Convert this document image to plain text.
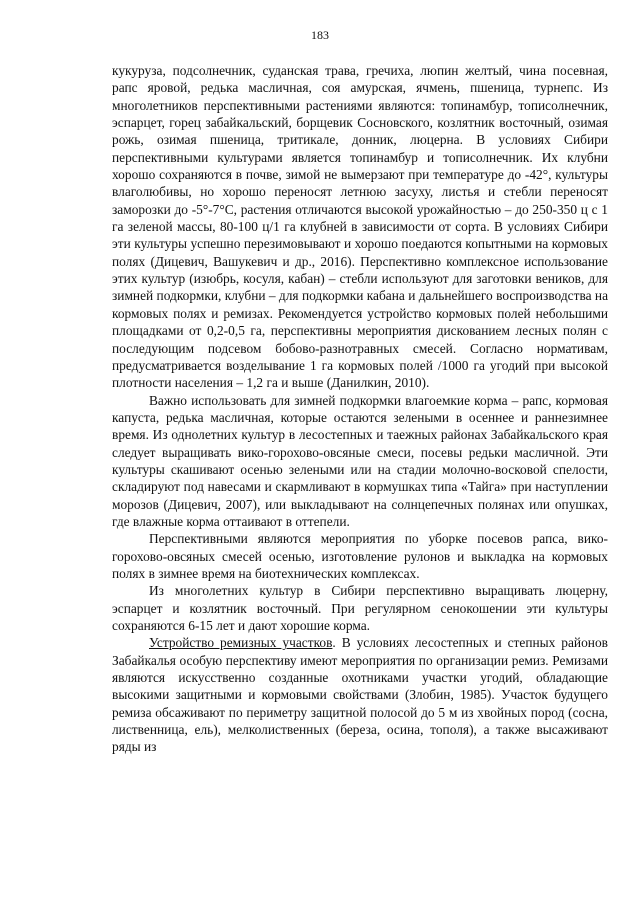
183

кукуруза, подсолнечник, суданская трава, гречиха, люпин желтый, чина посевная, рапс яровой, редька масличная, соя амурская, ячмень, пшеница, турнепс. Из многолетников перспективными растениями являются: топинамбур, тописолнечник, эспарцет, горец забайкальский, борщевик Сосновского, козлятник восточный, озимая рожь, озимая пшеница, тритикале, донник, люцерна. В условиях Сибири перспективными культурами является топинамбур и тописолнечник. Их клубни хорошо сохраняются в почве, зимой не вымерзают при температуре до -42°, культуры влаголюбивы, но хорошо переносят летнюю засуху, листья и стебли переносят заморозки до -5°-7°С, растения отличаются высокой урожайностью – до 250-350 ц с 1 га зеленой массы, 80-100 ц/1 га клубней в зависимости от сорта. В условиях Сибири эти культуры успешно перезимовывают и хорошо поедаются копытными на кормовых полях (Дицевич, Вашукевич и др., 2016). Перспективно комплексное использование этих культур (изюбрь, косуля, кабан) – стебли используют для заготовки веников, для зимней подкормки, клубни – для подкормки кабана и дальнейшего воспроизводства на кормовых полях и ремизах. Рекомендуется устройство кормовых полей небольшими площадками от 0,2-0,5 га, перспективны мероприятия дискованием лесных полян с последующим подсевом бобово-разнотравных смесей. Согласно нормативам, предусматривается возделывание 1 га кормовых полей /1000 га угодий при высокой плотности населения – 1,2 га и выше (Данилкин, 2010).

Важно использовать для зимней подкормки влагоемкие корма – рапс, кормовая капуста, редька масличная, которые остаются зелеными в осеннее и раннезимнее время. Из однолетних культур в лесостепных и таежных районах Забайкальского края следует выращивать вико-горохово-овсяные смеси, посевы редьки масличной. Эти культуры скашивают осенью зелеными или на стадии молочно-восковой спелости, складируют под навесами и скармливают в кормушках типа «Тайга» при наступлении морозов (Дицевич, 2007), или выкладывают на солнцепечных полянах или опушках, где влажные корма оттаивают в оттепели.

Перспективными являются мероприятия по уборке посевов рапса, вико-горохово-овсяных смесей осенью, изготовление рулонов и выкладка на кормовых полях в зимнее время на биотехнических комплексах.

Из многолетних культур в Сибири перспективно выращивать люцерну, эспарцет и козлятник восточный. При регулярном сенокошении эти культуры сохраняются 6-15 лет и дают хорошие корма.

Устройство ремизных участков. В условиях лесостепных и степных районов Забайкалья особую перспективу имеют мероприятия по организации ремиз. Ремизами являются искусственно созданные охотниками участки угодий, обладающие высокими защитными и кормовыми свойствами (Злобин, 1985). Участок будущего ремиза обсаживают по периметру защитной полосой до 5 м из хвойных пород (сосна, лиственница, ель), мелколиственных (береза, осина, тополя), а также высаживают ряды из
